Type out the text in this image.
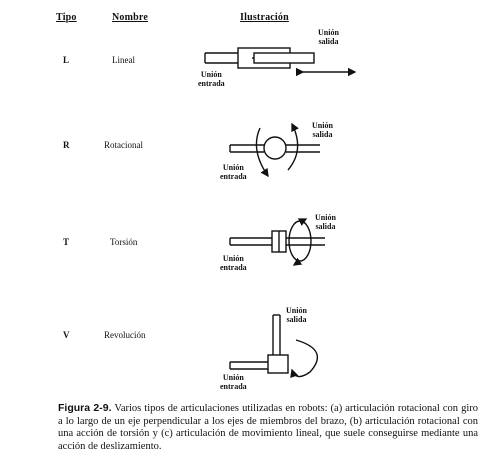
Tipo	Nombre	Ilustración
L	Lineal
Unión
salida
Unión
entrada
R	Rotacional
Unión
salida
Unión
entrada
T	Torsión
Unión
salida
Unión
entrada
V	Revolución
Unión
salida
Unión
entrada
Figura 2-9. Varios tipos de articulaciones utilizadas en robots: (a) articulación rotacional con giro a lo largo de un eje perpendicular a los ejes de miembros del brazo, (b) articulación rotacional con una acción de torsión y (c) articulación de movimiento lineal, que suele conseguirse mediante una acción de deslizamiento.
